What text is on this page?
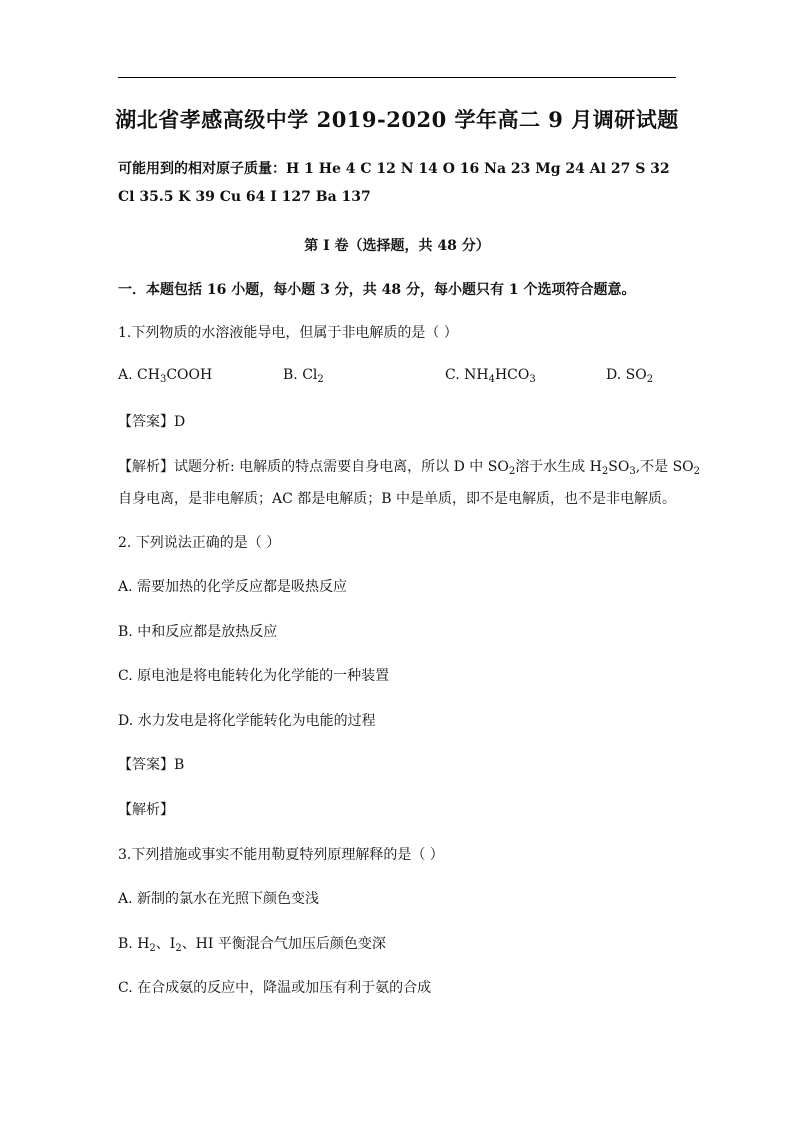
湖北省孝感高级中学 2019-2020 学年高二 9 月调研试题
可能用到的相对原子质量：H 1 He 4 C 12 N 14 O 16 Na 23 Mg 24 Al 27 S 32
Cl 35.5 K 39 Cu 64 I 127 Ba 137
第 I 卷（选择题，共 48 分）
一．本题包括 16 小题，每小题 3 分，共 48 分，每小题只有 1 个选项符合题意。
1.下列物质的水溶液能导电，但属于非电解质的是（ ）
A. $CH_3COOH$	B. $Cl_2$	C. $NH_4HCO_3$	D. $SO_2$
【答案】D
【解析】试题分析: 电解质的特点需要自身电离，所以 D 中 $SO_2$溶于水生成 $H_2SO_3$,不是 $SO_2$
自身电离，是非电解质；AC 都是电解质；B 中是单质，即不是电解质，也不是非电解质。
2. 下列说法正确的是（ ）
A. 需要加热的化学反应都是吸热反应
B. 中和反应都是放热反应
C. 原电池是将电能转化为化学能的一种装置
D. 水力发电是将化学能转化为电能的过程
【答案】B
【解析】
3.下列措施或事实不能用勒夏特列原理解释的是（ ）
A. 新制的氯水在光照下颜色变浅
B. $H_2$、$I_2$、HI 平衡混合气加压后颜色变深
C. 在合成氨的反应中，降温或加压有利于氨的合成
